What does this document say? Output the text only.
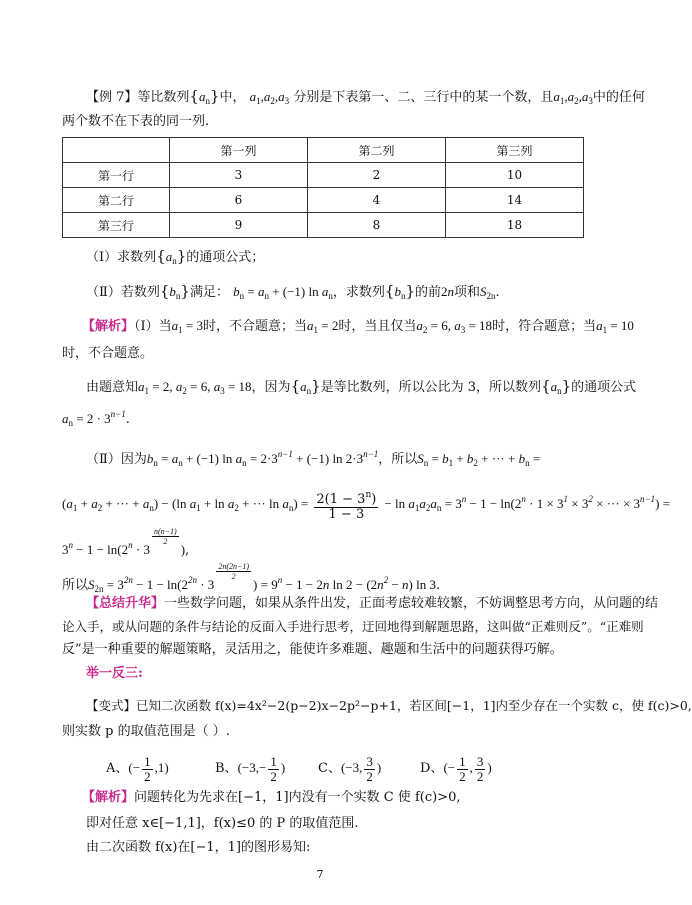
【例 7】等比数列$\{a_n\}$中， $a_1,a_2,a_3$ 分别是下表第一、二、三行中的某一个数，且$a_1,a_2,a_3$中的任何
两个数不在下表的同一列.
	第一列	第二列	第三列
第一行	3	2	10
第二行	6	4	14
第三行	9	8	18
（Ⅰ）求数列$\{a_n\}$的通项公式；
（Ⅱ）若数列$\{b_n\}$满足： $b_n = a_n + (-1)$ $\ln a_n$，求数列$\{b_n\}$的前2n项和$S_{2n}$.
【解析】（Ⅰ）当$a_1 = 3$时，不合题意；当$a_1 = 2$时，当且仅当$a_2 = 6$, $a_3 = 18$时，符合题意；当$a_1 = 10$
时，不合题意。
由题意知$a_1 = 2$, $a_2 = 6$, $a_3 = 18$，因为$\{a_n\}$是等比数列，所以公比为 3，所以数列$\{a_n\}$的通项公式
$a_n = 2 \cdot 3^{n-1}$.
（Ⅱ）因为$b_n = a_n + (-1)$ $\ln a_n = 2\cdot 3^{n-1} + (-1)$ $\ln 2\cdot 3^{n-1}$，所以$S_n = b_1 + b_2$ + ··· + $b_n$ =
($a_1 + a_2$ + ··· + $a_n) - (\ln$ $a_1 + \ln a_2$ + ··· $\ln a_n) = \frac{2(1 - 3^n)}{1 - 3} - \ln a_1a_2a_n = 3^n - 1 - \ln(2^n \cdot 1 \times 3^1 \times 3^2$ × ··· × $3^{n-1}$) =
$3^n - 1 - \ln(2^n \cdot 3$
$\frac{n(n-1)}{2}$
),
所以$S_{2n} = 3^{2n} - 1 - \ln(2^{2n} \cdot 3$
$\frac{2n(2n-1)}{2}$
) = $9^n - 1 - 2n$ $\ln 2 - (2n^2 - n)$ ln 3.
【总结升华】一些数学问题，如果从条件出发，正面考虑较难较繁，不妨调整思考方向，从问题的结
论入手，或从问题的条件与结论的反面入手进行思考，迂回地得到解题思路，这叫做“正难则反”。“正难则
反”是一种重要的解题策略，灵活用之，能使许多难题、趣题和生活中的问题获得巧解。
举一反三:
【变式】已知二次函数 f(x)=4x²−2(p−2)x−2p²−p+1，若区间[−1，1]内至少存在一个实数 c，使 f(c)>0,
则实数 p 的取值范围是（ ）.
A、(− $\frac{1}{2} ,1$)	B、($-3,- \frac{1}{2}$ )	C、(−3, $\frac{3}{2}$ )	D、(− $\frac{1}{2}$ , $\frac{3}{2}$ )
【解析】问题转化为先求在[−1，1]内没有一个实数 C 使 f(c)>0,
即对任意 x∈[−1,1]，f(x)≤0 的 P 的取值范围.
由二次函数 f(x)在[−1，1]的图形易知:
7
